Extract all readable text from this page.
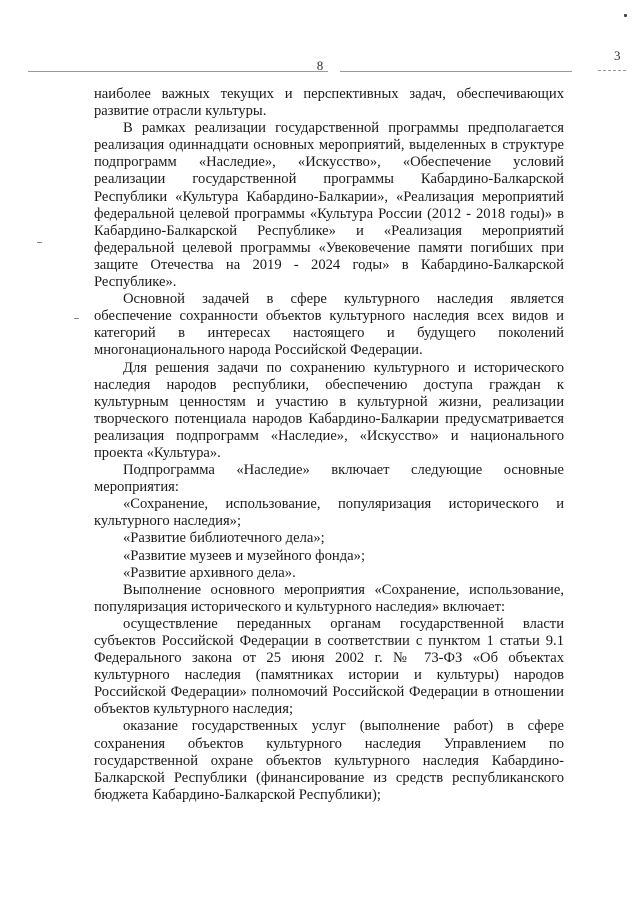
3
8

наиболее важных текущих и перспективных задач, обеспечивающих развитие отрасли культуры.

В рамках реализации государственной программы предполагается реализация одиннадцати основных мероприятий, выделенных в структуре подпрограмм «Наследие», «Искусство», «Обеспечение условий реализации государственной программы Кабардино-Балкарской Республики «Культура Кабардино-Балкарии», «Реализация мероприятий федеральной целевой программы «Культура России (2012 - 2018 годы)» в Кабардино-Балкарской Республике» и «Реализация мероприятий федеральной целевой программы «Увековечение памяти погибших при защите Отечества на 2019 - 2024 годы» в Кабардино-Балкарской Республике».

Основной задачей в сфере культурного наследия является обеспечение сохранности объектов культурного наследия всех видов и категорий в интересах настоящего и будущего поколений многонационального народа Российской Федерации.

Для решения задачи по сохранению культурного и исторического наследия народов республики, обеспечению доступа граждан к культурным ценностям и участию в культурной жизни, реализации творческого потенциала народов Кабардино-Балкарии предусматривается реализация подпрограмм «Наследие», «Искусство» и национального проекта «Культура».

Подпрограмма «Наследие» включает следующие основные мероприятия:

«Сохранение, использование, популяризация исторического и культурного наследия»;

«Развитие библиотечного дела»;

«Развитие музеев и музейного фонда»;

«Развитие архивного дела».

Выполнение основного мероприятия «Сохранение, использование, популяризация исторического и культурного наследия» включает:

осуществление переданных органам государственной власти субъектов Российской Федерации в соответствии с пунктом 1 статьи 9.1 Федерального закона от 25 июня 2002 г. № 73-ФЗ «Об объектах культурного наследия (памятниках истории и культуры) народов Российской Федерации» полномочий Российской Федерации в отношении объектов культурного наследия;

оказание государственных услуг (выполнение работ) в сфере сохранения объектов культурного наследия Управлением по государственной охране объектов культурного наследия Кабардино-Балкарской Республики (финансирование из средств республиканского бюджета Кабардино-Балкарской Республики);
